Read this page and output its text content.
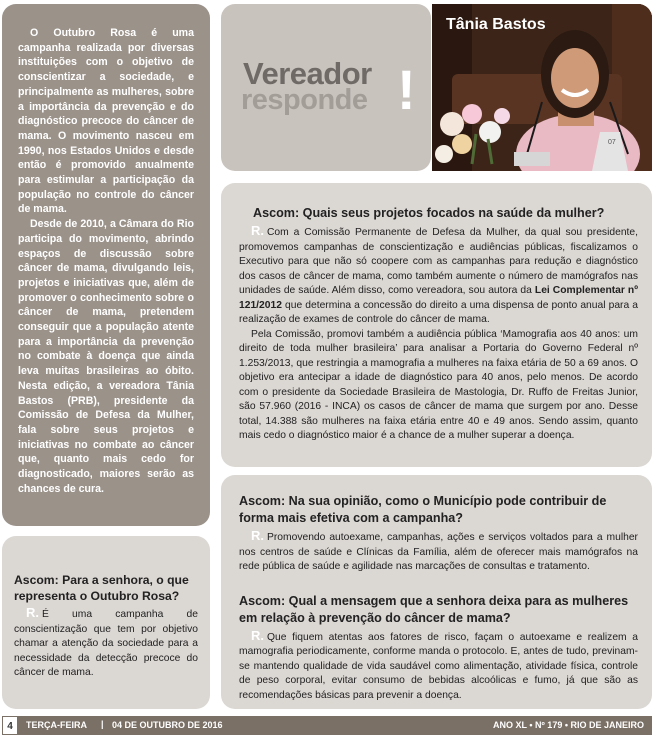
O Outubro Rosa é uma campanha realizada por diversas instituições com o objetivo de conscientizar a sociedade, e principalmente as mulheres, sobre a importância da prevenção e do diagnóstico precoce do câncer de mama. O movimento nasceu em 1990, nos Estados Unidos e desde então é promovido anualmente para estimular a participação da população no controle do câncer de mama.

Desde de 2010, a Câmara do Rio participa do movimento, abrindo espaços de discussão sobre câncer de mama, divulgando leis, projetos e iniciativas que, além de promover o conhecimento sobre o câncer de mama, pretendem conseguir que a população atente para a importância da prevenção no combate à doença que ainda leva muitas brasileiras ao óbito. Nesta edição, a vereadora Tânia Bastos (PRB), presidente da Comissão de Defesa da Mulher, fala sobre seus projetos e iniciativas no combate ao câncer que, quanto mais cedo for diagnosticado, maiores serão as chances de cura.

Vereador
responde !
07
Tânia Bastos

Ascom: Quais seus projetos focados na saúde da mulher?

R. Com a Comissão Permanente de Defesa da Mulher, da qual sou presidente, promovemos campanhas de conscientização e audiências públicas, fiscalizamos o Executivo para que não só coopere com as campanhas para redução e diagnóstico dos casos de câncer de mama, como também aumente o número de mamógrafos nas unidades de saúde. Além disso, como vereadora, sou autora da Lei Complementar nº 121/2012 que determina a concessão do direito a uma dispensa de ponto anual para a realização de exames de controle do câncer de mama.

Pela Comissão, promovi também a audiência pública ‘Mamografia aos 40 anos: um direito de toda mulher brasileira’ para analisar a Portaria do Governo Federal nº 1.253/2013, que restringia a mamografia a mulheres na faixa etária de 50 a 69 anos. O objetivo era antecipar a idade de diagnóstico para 40 anos, pelo menos. De acordo com o presidente da Sociedade Brasileira de Mastologia, Dr. Ruffo de Freitas Junior, são 57.960 (2016 - INCA) os casos de câncer de mama que surgem por ano. Desse total, 14.388 são mulheres na faixa etária entre 40 e 49 anos. Sendo assim, quanto mais cedo o diagnóstico maior é a chance de a mulher superar a doença.

Ascom: Na sua opinião, como o Município pode contribuir de forma mais efetiva com a campanha?

R. Promovendo autoexame, campanhas, ações e serviços voltados para a mulher nos centros de saúde e Clínicas da Família, além de oferecer mais mamógrafos na rede pública de saúde e agilidade nas marcações de consultas e tratamento.

Ascom: Qual a mensagem que a senhora deixa para as mulheres em relação à prevenção do câncer de mama?

R. Que fiquem atentas aos fatores de risco, façam o autoexame e realizem a mamografia periodicamente, conforme manda o protocolo. E, antes de tudo, previnam-se mantendo qualidade de vida saudável como alimentação, atividade física, controle de peso corporal, evitar consumo de bebidas alcoólicas e fumo, já que são as recomendações básicas para prevenir a doença.

Ascom: Para a senhora, o que representa o Outubro Rosa?

R. É uma campanha de conscientização que tem por objetivo chamar a atenção da sociedade para a necessidade da detecção precoce do câncer de mama.

4	TERÇA-FEIRA | 04 DE OUTUBRO DE 2016	ANO XL • Nº 179 • RIO DE JANEIRO
